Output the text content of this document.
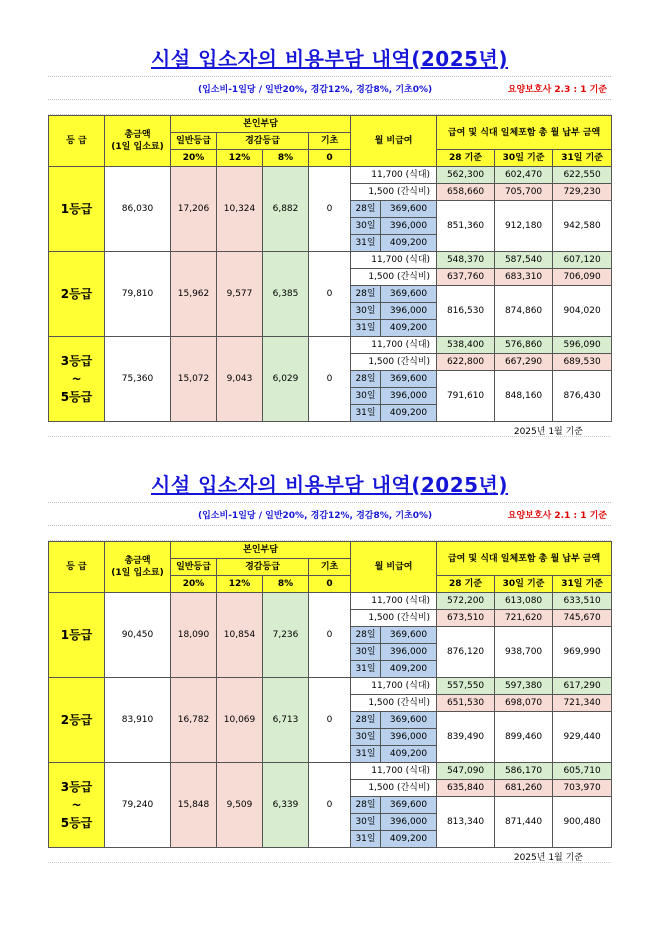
시설 입소자의 비용부담 내역(2025년)
(입소비-1일당 / 일반20%, 경감12%, 경감8%, 기초0%)	요양보호사 2.3 : 1 기준
등 급	총금액
(1일 입소료)	본인부담				월 비급여		급여 및 식대 일체포함 총 월 납부 금액		
		일반등급	경감등급		기초					
		20%	12%	8%	0			28 기준	30일 기준	31일 기준
1등급	86,030	17,206	10,324	6,882	0	11,700 (식대)		562,300	602,470	622,550
						1,500 (간식비)		658,660	705,700	729,230
						28일	369,600	851,360	912,180	942,580
						30일	396,000			
						31일	409,200			
2등급	79,810	15,962	9,577	6,385	0	11,700 (식대)		548,370	587,540	607,120
						1,500 (간식비)		637,760	683,310	706,090
						28일	369,600	816,530	874,860	904,020
						30일	396,000			
						31일	409,200			
3등급
~
5등급	75,360	15,072	9,043	6,029	0	11,700 (식대)		538,400	576,860	596,090
						1,500 (간식비)		622,800	667,290	689,530
						28일	369,600	791,610	848,160	876,430
						30일	396,000			
						31일	409,200			
2025년 1월 기준
시설 입소자의 비용부담 내역(2025년)
(입소비-1일당 / 일반20%, 경감12%, 경감8%, 기초0%)	요양보호사 2.1 : 1 기준
등 급	총금액
(1일 입소료)	본인부담				월 비급여		급여 및 식대 일체포함 총 월 납부 금액		
		일반등급	경감등급		기초					
		20%	12%	8%	0			28 기준	30일 기준	31일 기준
1등급	90,450	18,090	10,854	7,236	0	11,700 (식대)		572,200	613,080	633,510
						1,500 (간식비)		673,510	721,620	745,670
						28일	369,600	876,120	938,700	969,990
						30일	396,000			
						31일	409,200			
2등급	83,910	16,782	10,069	6,713	0	11,700 (식대)		557,550	597,380	617,290
						1,500 (간식비)		651,530	698,070	721,340
						28일	369,600	839,490	899,460	929,440
						30일	396,000			
						31일	409,200			
3등급
~
5등급	79,240	15,848	9,509	6,339	0	11,700 (식대)		547,090	586,170	605,710
						1,500 (간식비)		635,840	681,260	703,970
						28일	369,600	813,340	871,440	900,480
						30일	396,000			
						31일	409,200			
2025년 1월 기준
